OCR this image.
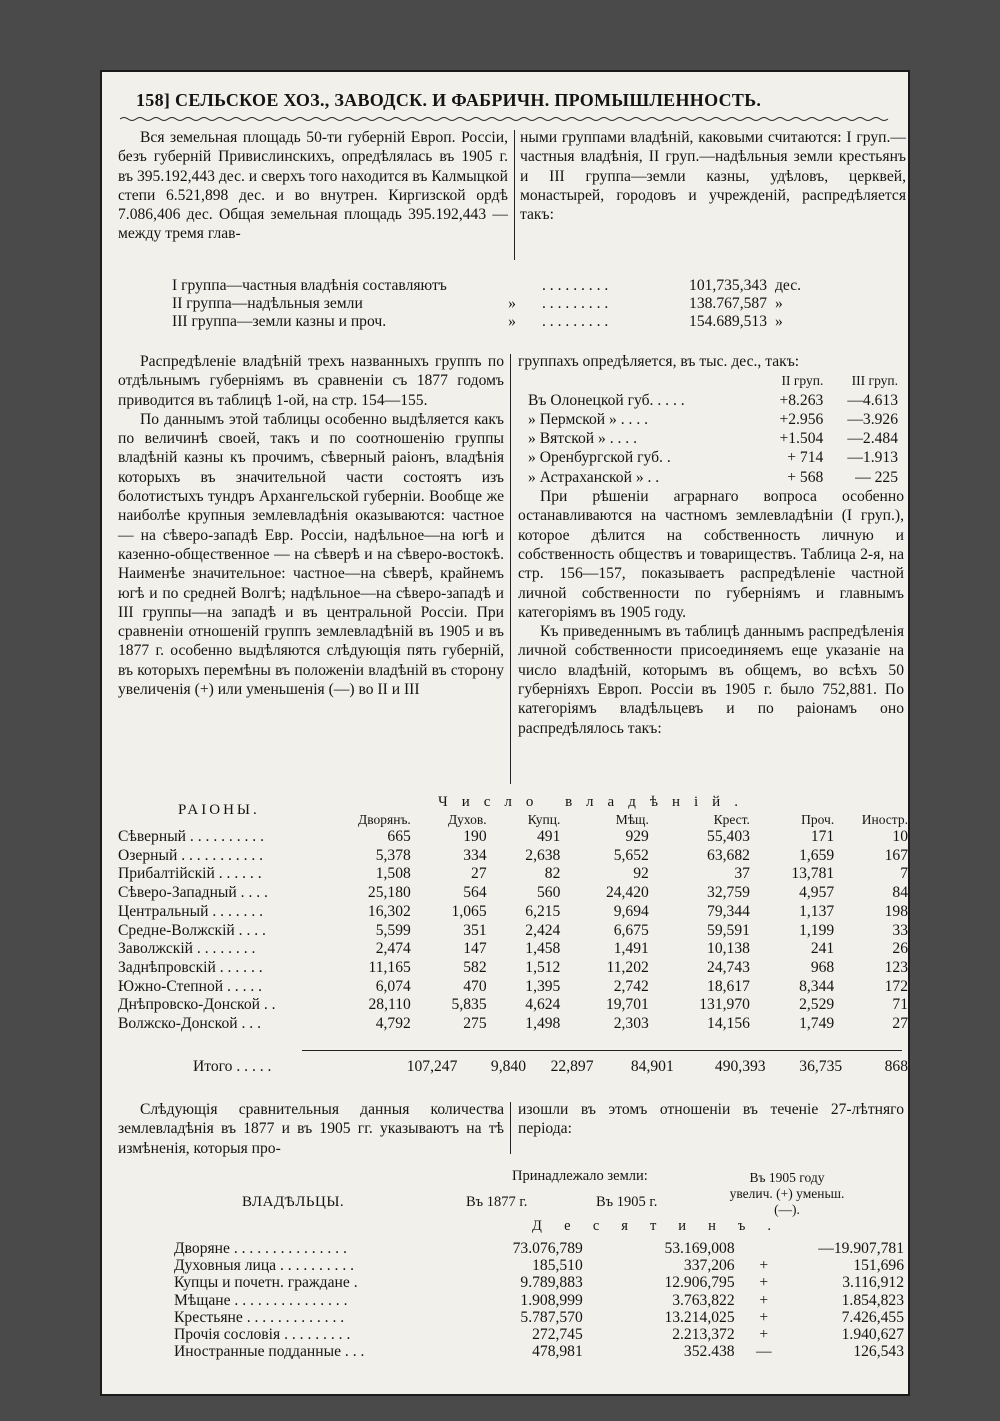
158] СЕЛЬСКОЕ ХОЗ., ЗАВОДСК. И ФАБРИЧН. ПРОМЫШЛЕННОСТЬ.

Вся земельная площадь 50-ти губерній Европ. Россіи, безъ губерній Привислинскихъ, опредѣлялась въ 1905 г. въ 395.192,443 дес. и сверхъ того находится въ Калмыцкой степи 6.521,898 дес. и во внутрен. Киргизской ордѣ 7.086,406 дес. Общая земельная площадь 395.192,443 — между тремя глав-

ными группами владѣній, каковыми считаются: I груп.—частныя владѣнія, II груп.—надѣльныя земли крестьянъ и III группа—земли казны, удѣловъ, церквей, монастырей, городовъ и учрежденій, распредѣляется такъ:

I группа—частныя владѣнія составляютъ		. . . . . . . . .	101,735,343	дес.
II группа—надѣльныя земли	»	. . . . . . . . .	138.767,587	»
III группа—земли казны и проч.	»	. . . . . . . . .	154.689,513	»

Распредѣленіе владѣній трехъ названныхъ группъ по отдѣльнымъ губерніямъ въ сравненіи съ 1877 годомъ приводится въ таблицѣ 1-ой, на стр. 154—155.

По даннымъ этой таблицы особенно выдѣляется какъ по величинѣ своей, такъ и по соотношенію группы владѣній казны къ прочимъ, сѣверный раіонъ, владѣнія которыхъ въ значительной части состоятъ изъ болотистыхъ тундръ Архангельской губерніи. Вообще же наиболѣе крупныя землевладѣнія оказываются: частное — на сѣверо-западѣ Евр. Россіи, надѣльное—на югѣ и казенно-общественное — на сѣверѣ и на сѣверо-востокѣ. Наименѣе значительное: частное—на сѣверѣ, крайнемъ югѣ и по средней Волгѣ; надѣльное—на сѣверо-западѣ и III группы—на западѣ и въ центральной Россіи. При сравненіи отношеній группъ землевладѣній въ 1905 и въ 1877 г. особенно выдѣляются слѣдующія пять губерній, въ которыхъ перемѣны въ положеніи владѣній въ сторону увеличенія (+) или уменьшенія (—) во II и III

группахъ опредѣляется, въ тыс. дес., такъ:

	II груп.	III груп.
Въ Олонецкой губ. . . . .	+8.263	—4.613
» Пермской » . . . .	+2.956	—3.926
» Вятской » . . . .	+1.504	—2.484
» Оренбургской губ. .	+ 714	—1.913
» Астраханской » . .	+ 568	— 225

При рѣшеніи аграрнаго вопроса особенно останавливаются на частномъ землевладѣніи (I груп.), которое дѣлится на собственность личную и собственность обществъ и товариществъ. Таблица 2-я, на стр. 156—157, показываетъ распредѣленіе частной личной собственности по губерніямъ и главнымъ категоріямъ въ 1905 году.

Къ приведеннымъ въ таблицѣ даннымъ распредѣленія личной собственности присоединяемъ еще указаніе на число владѣній, которымъ въ общемъ, во всѣхъ 50 губерніяхъ Европ. Россіи въ 1905 г. было 752,881. По категоріямъ владѣльцевъ и по раіонамъ оно распредѣлялось такъ:

РАІОНЫ.	Число владѣній.
	Дворянъ.	Духов.	Купц.	Мѣщ.	Крест.	Проч.	Иностр.
Сѣверный . . . . . . . . . .	665	190	491	929	55,403	171	10
Озерный . . . . . . . . . . .	5,378	334	2,638	5,652	63,682	1,659	167
Прибалтійскій . . . . . .	1,508	27	82	92	37	13,781	7
Сѣверо-Западный . . . .	25,180	564	560	24,420	32,759	4,957	84
Центральный . . . . . . .	16,302	1,065	6,215	9,694	79,344	1,137	198
Средне-Волжскій . . . .	5,599	351	2,424	6,675	59,591	1,199	33
Заволжскій . . . . . . . .	2,474	147	1,458	1,491	10,138	241	26
Заднѣпровскій . . . . . .	11,165	582	1,512	11,202	24,743	968	123
Южно-Степной . . . . .	6,074	470	1,395	2,742	18,617	8,344	172
Днѣпровско-Донской . .	28,110	5,835	4,624	19,701	131,970	2,529	71
Волжско-Донской . . .	4,792	275	1,498	2,303	14,156	1,749	27
Итого . . . . .	107,247	9,840	22,897	84,901	490,393	36,735	868

Слѣдующія сравнительныя данныя количества землевладѣнія въ 1877 и въ 1905 гг. указываютъ на тѣ измѣненія, которыя про-

изошли въ этомъ отношеніи въ теченіе 27-лѣтняго періода:

ВЛАДѢЛЬЦЫ.
Принадлежало земли:
Въ 1877 г.	Въ 1905 г.
Въ 1905 году увелич. (+) уменьш. (—).
Десятинъ.
Дворяне . . . . . . . . . . . . . . .	73.076,789	53.169,008		—19.907,781
Духовныя лица . . . . . . . . . .	185,510	337,206	+	151,696
Купцы и почетн. граждане .	9.789,883	12.906,795	+	3.116,912
Мѣщане . . . . . . . . . . . . . . .	1.908,999	3.763,822	+	1.854,823
Крестьяне . . . . . . . . . . . . .	5.787,570	13.214,025	+	7.426,455
Прочія сословія . . . . . . . . .	272,745	2.213,372	+	1.940,627
Иностранные подданные . . .	478,981	352.438	—	126,543
